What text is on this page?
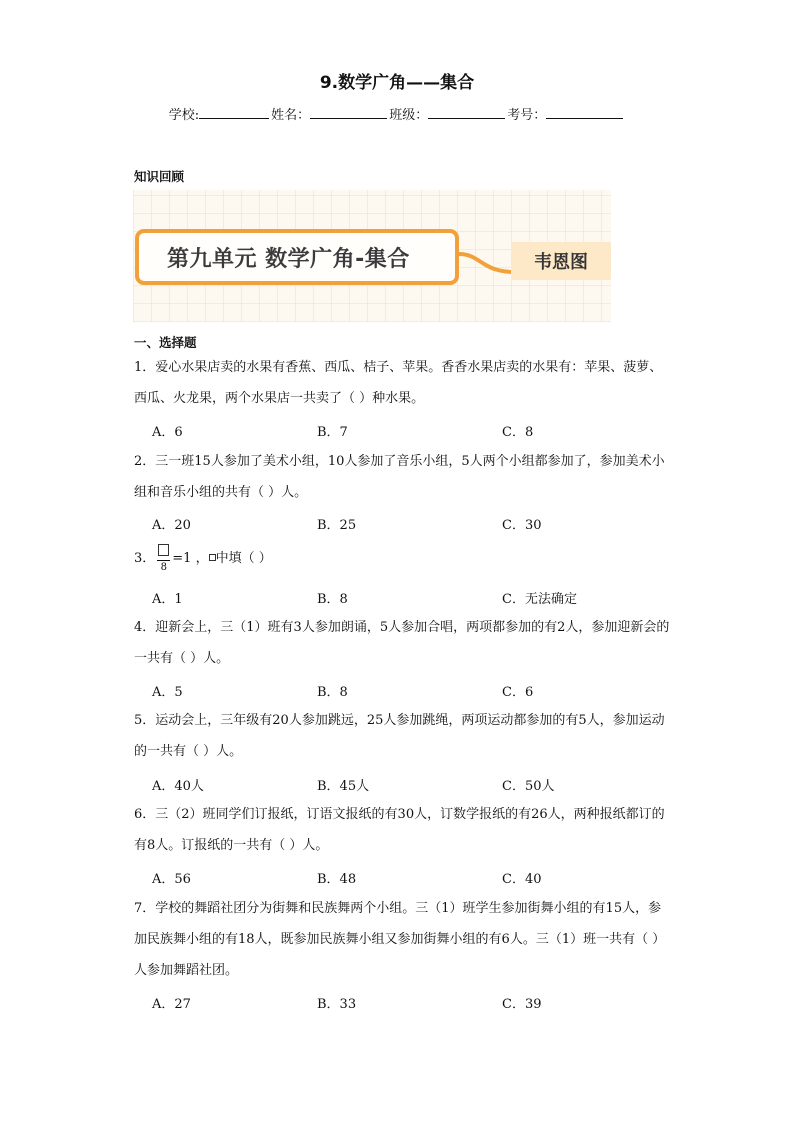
9.数学广角——集合
学校:	姓名：	班级：	考号：
知识回顾
第九单元 数学广角-集合	韦恩图
一、选择题
1．爱心水果店卖的水果有香蕉、西瓜、桔子、苹果。香香水果店卖的水果有：苹果、菠萝、西瓜、火龙果，两个水果店一共卖了（ ）种水果。
A．6	B．7	C．8
2．三一班15人参加了美术小组，10人参加了音乐小组，5人两个小组都参加了，参加美术小组和音乐小组的共有（ ）人。
A．20	B．25	C．30
3．
8
=1 ， 中填（ ）
A．1	B．8	C．无法确定
4．迎新会上，三（1）班有3人参加朗诵，5人参加合唱，两项都参加的有2人，参加迎新会的一共有（ ）人。
A．5	B．8	C．6
5．运动会上，三年级有20人参加跳远，25人参加跳绳，两项运动都参加的有5人，参加运动的一共有（ ）人。
A．40人	B．45人	C．50人
6．三（2）班同学们订报纸，订语文报纸的有30人，订数学报纸的有26人，两种报纸都订的有8人。订报纸的一共有（ ）人。
A．56	B．48	C．40
7．学校的舞蹈社团分为街舞和民族舞两个小组。三（1）班学生参加街舞小组的有15人，参加民族舞小组的有18人，既参加民族舞小组又参加街舞小组的有6人。三（1）班一共有（ ）人参加舞蹈社团。
A．27	B．33	C．39
